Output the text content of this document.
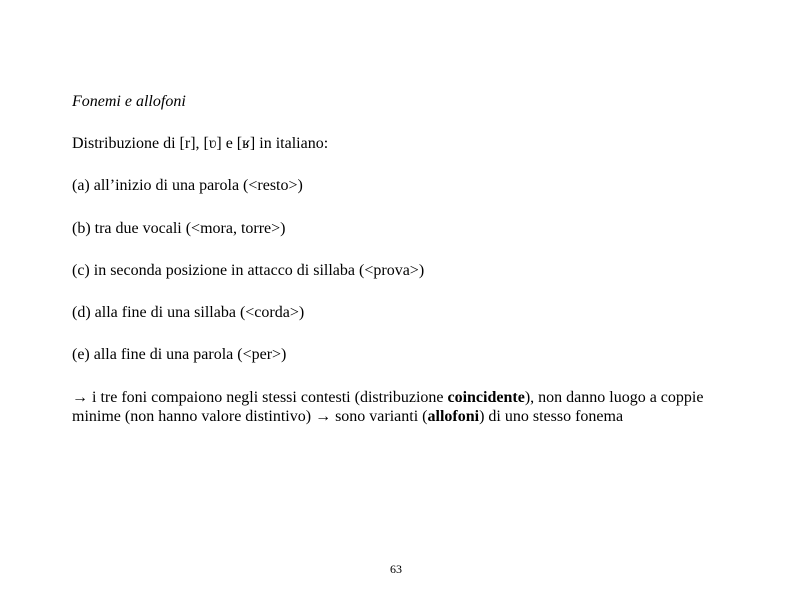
Fonemi e allofoni
Distribuzione di [r], [ʋ] e [ʁ] in italiano:
(a) all’inizio di una parola (<resto>)
(b) tra due vocali (<mora, torre>)
(c) in seconda posizione in attacco di sillaba (<prova>)
(d) alla fine di una sillaba (<corda>)
(e) alla fine di una parola (<per>)
→ i tre foni compaiono negli stessi contesti (distribuzione coincidente), non danno luogo a coppie minime (non hanno valore distintivo) → sono varianti (allofoni) di uno stesso fonema
63
